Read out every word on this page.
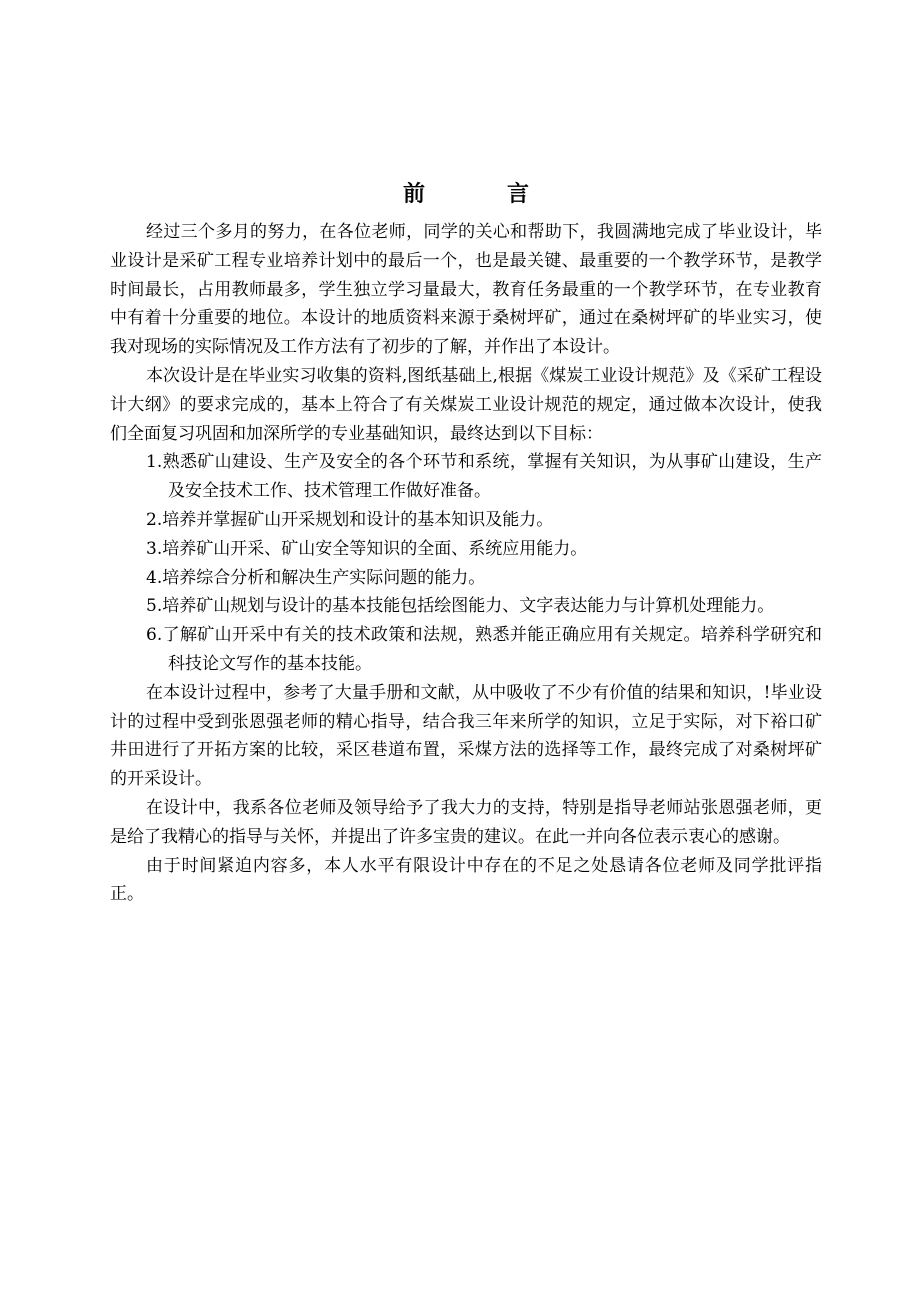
前　言

经过三个多月的努力，在各位老师，同学的关心和帮助下，我圆满地完成了毕业设计，毕业设计是采矿工程专业培养计划中的最后一个，也是最关键、最重要的一个教学环节，是教学时间最长，占用教师最多，学生独立学习量最大，教育任务最重的一个教学环节，在专业教育中有着十分重要的地位。本设计的地质资料来源于桑树坪矿，通过在桑树坪矿的毕业实习，使我对现场的实际情况及工作方法有了初步的了解，并作出了本设计。

本次设计是在毕业实习收集的资料,图纸基础上,根据《煤炭工业设计规范》及《采矿工程设计大纲》的要求完成的，基本上符合了有关煤炭工业设计规范的规定，通过做本次设计，使我们全面复习巩固和加深所学的专业基础知识，最终达到以下目标：

1.熟悉矿山建设、生产及安全的各个环节和系统，掌握有关知识，为从事矿山建设，生产及安全技术工作、技术管理工作做好准备。
2.培养并掌握矿山开采规划和设计的基本知识及能力。
3.培养矿山开采、矿山安全等知识的全面、系统应用能力。
4.培养综合分析和解决生产实际问题的能力。
5.培养矿山规划与设计的基本技能包括绘图能力、文字表达能力与计算机处理能力。
6.了解矿山开采中有关的技术政策和法规，熟悉并能正确应用有关规定。培养科学研究和科技论文写作的基本技能。

在本设计过程中，参考了大量手册和文献，从中吸收了不少有价值的结果和知识，!毕业设计的过程中受到张恩强老师的精心指导，结合我三年来所学的知识，立足于实际，对下裕口矿井田进行了开拓方案的比较，采区巷道布置，采煤方法的选择等工作，最终完成了对桑树坪矿的开采设计。

在设计中，我系各位老师及领导给予了我大力的支持，特别是指导老师站张恩强老师，更是给了我精心的指导与关怀，并提出了许多宝贵的建议。在此一并向各位表示衷心的感谢。

由于时间紧迫内容多，本人水平有限设计中存在的不足之处恳请各位老师及同学批评指正。
